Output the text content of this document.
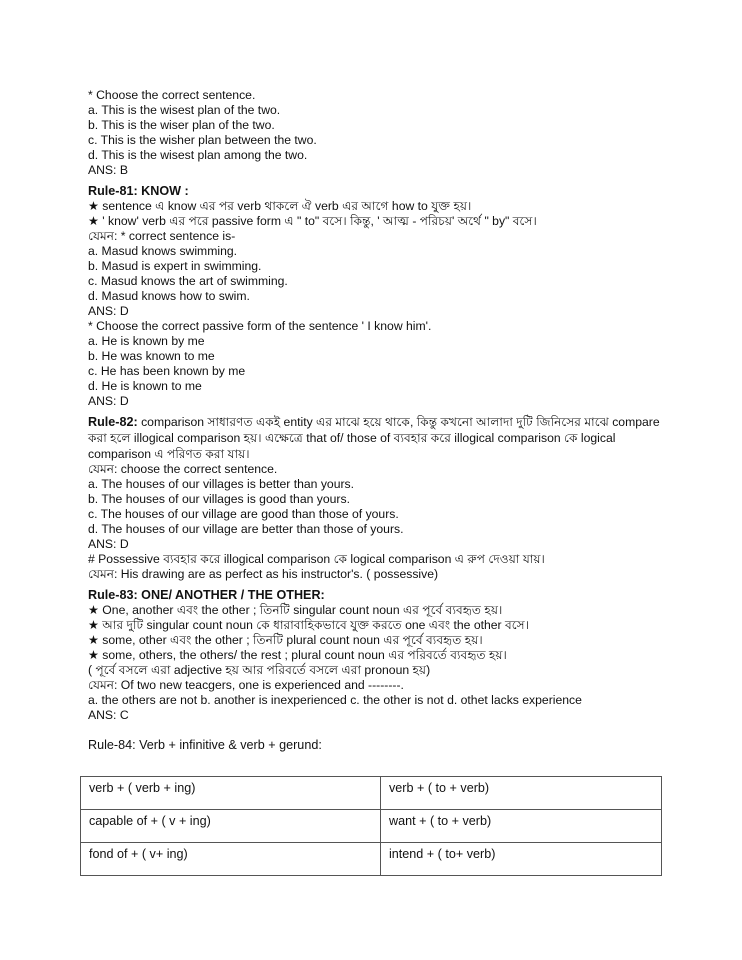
* Choose the correct sentence.
a. This is the wisest plan of the two.
b. This is the wiser plan of the two.
c. This is the wisher plan between the two.
d. This is the wisest plan among the two.
ANS: B
Rule-81: KNOW :
★ sentence এ know এর পর verb থাকলে ঐ verb এর আগে how to যুক্ত হয়।
★ ' know' verb এর পরে passive form এ " to" বসে। কিন্তু, ' আত্ম - পরিচয়' অর্থে " by" বসে।
যেমন: * correct sentence is-
a. Masud knows swimming.
b. Masud is expert in swimming.
c. Masud knows the art of swimming.
d. Masud knows how to swim.
ANS: D
* Choose the correct passive form of the sentence ' I know him'.
a. He is known by me
b. He was known to me
c. He has been known by me
d. He is known to me
ANS: D
Rule-82: comparison সাধারণত একই entity এর মাঝে হয়ে থাকে, কিন্তু কখনো আলাদা দুটি জিনিসের মাঝে compare করা হলে illogical comparison হয়। এক্ষেত্রে that of/ those of ব্যবহার করে illogical comparison কে logical comparison এ পরিণত করা যায়।
যেমন: choose the correct sentence.
a. The houses of our villages is better than yours.
b. The houses of our villages is good than yours.
c. The houses of our village are good than those of yours.
d. The houses of our village are better than those of yours.
ANS: D
# Possessive ব্যবহার করে illogical comparison কে logical comparison এ রুপ দেওয়া যায়।
যেমন: His drawing are as perfect as his instructor's. ( possessive)
Rule-83: ONE/ ANOTHER / THE OTHER:
★ One, another এবং the other ; তিনটি singular count noun এর পূর্বে ব্যবহৃত হয়।
★ আর দুটি singular count noun কে ধারাবাহিকভাবে যুক্ত করতে one এবং the other বসে।
★ some, other এবং the other ; তিনটি plural count noun এর পূর্বে ব্যবহৃত হয়।
★ some, others, the others/ the rest ; plural count noun এর পরিবর্তে ব্যবহৃত হয়।
( পূর্বে বসলে এরা adjective হয় আর পরিবর্তে বসলে এরা pronoun হয়)
যেমন: Of two new teacgers, one is experienced and --------.
a. the others are not b. another is inexperienced c. the other is not d. othet lacks experience
ANS: C
Rule-84: Verb + infinitive & verb + gerund:
verb + ( verb + ing)	verb + ( to + verb)
capable of + ( v + ing)	want + ( to + verb)
fond of + ( v+ ing)	intend + ( to+ verb)
